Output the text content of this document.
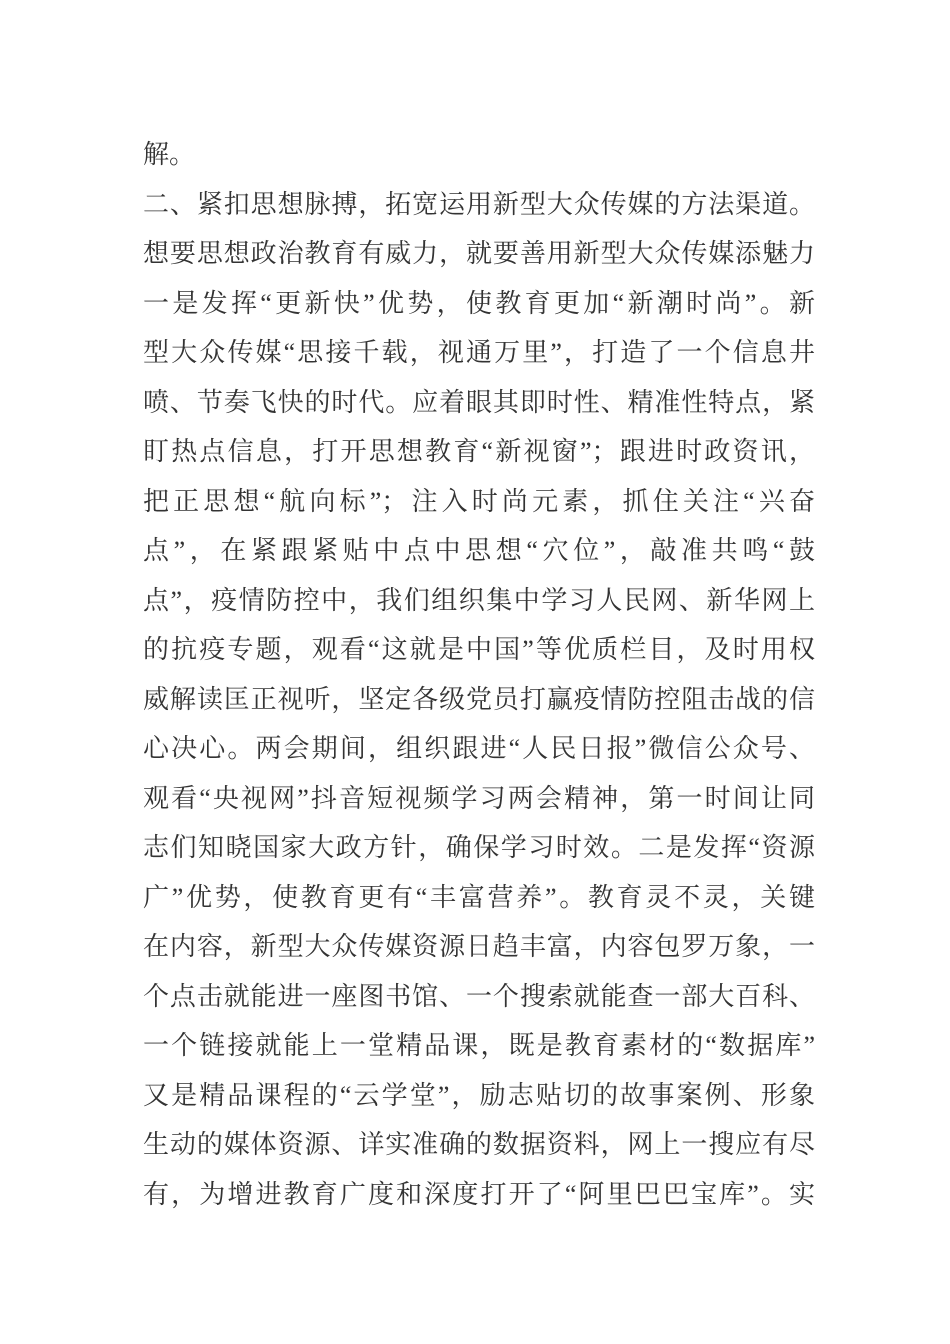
解。
二、紧扣思想脉搏，拓宽运用新型大众传媒的方法渠道。
想要思想政治教育有威力，就要善用新型大众传媒添魅力
一是发挥“更新快”优势，使教育更加“新潮时尚”。新
型大众传媒“思接千载，视通万里”，打造了一个信息井
喷、节奏飞快的时代。应着眼其即时性、精准性特点，紧
盯热点信息，打开思想教育“新视窗”；跟进时政资讯，
把正思想“航向标”；注入时尚元素，抓住关注“兴奋
点”，在紧跟紧贴中点中思想“穴位”，敲准共鸣“鼓
点”，疫情防控中，我们组织集中学习人民网、新华网上
的抗疫专题，观看“这就是中国”等优质栏目，及时用权
威解读匡正视听，坚定各级党员打赢疫情防控阻击战的信
心决心。两会期间，组织跟进“人民日报”微信公众号、
观看“央视网”抖音短视频学习两会精神，第一时间让同
志们知晓国家大政方针，确保学习时效。二是发挥“资源
广”优势，使教育更有“丰富营养”。教育灵不灵，关键
在内容，新型大众传媒资源日趋丰富，内容包罗万象，一
个点击就能进一座图书馆、一个搜索就能查一部大百科、
一个链接就能上一堂精品课，既是教育素材的“数据库”
又是精品课程的“云学堂”，励志贴切的故事案例、形象
生动的媒体资源、详实准确的数据资料，网上一搜应有尽
有，为增进教育广度和深度打开了“阿里巴巴宝库”。实
